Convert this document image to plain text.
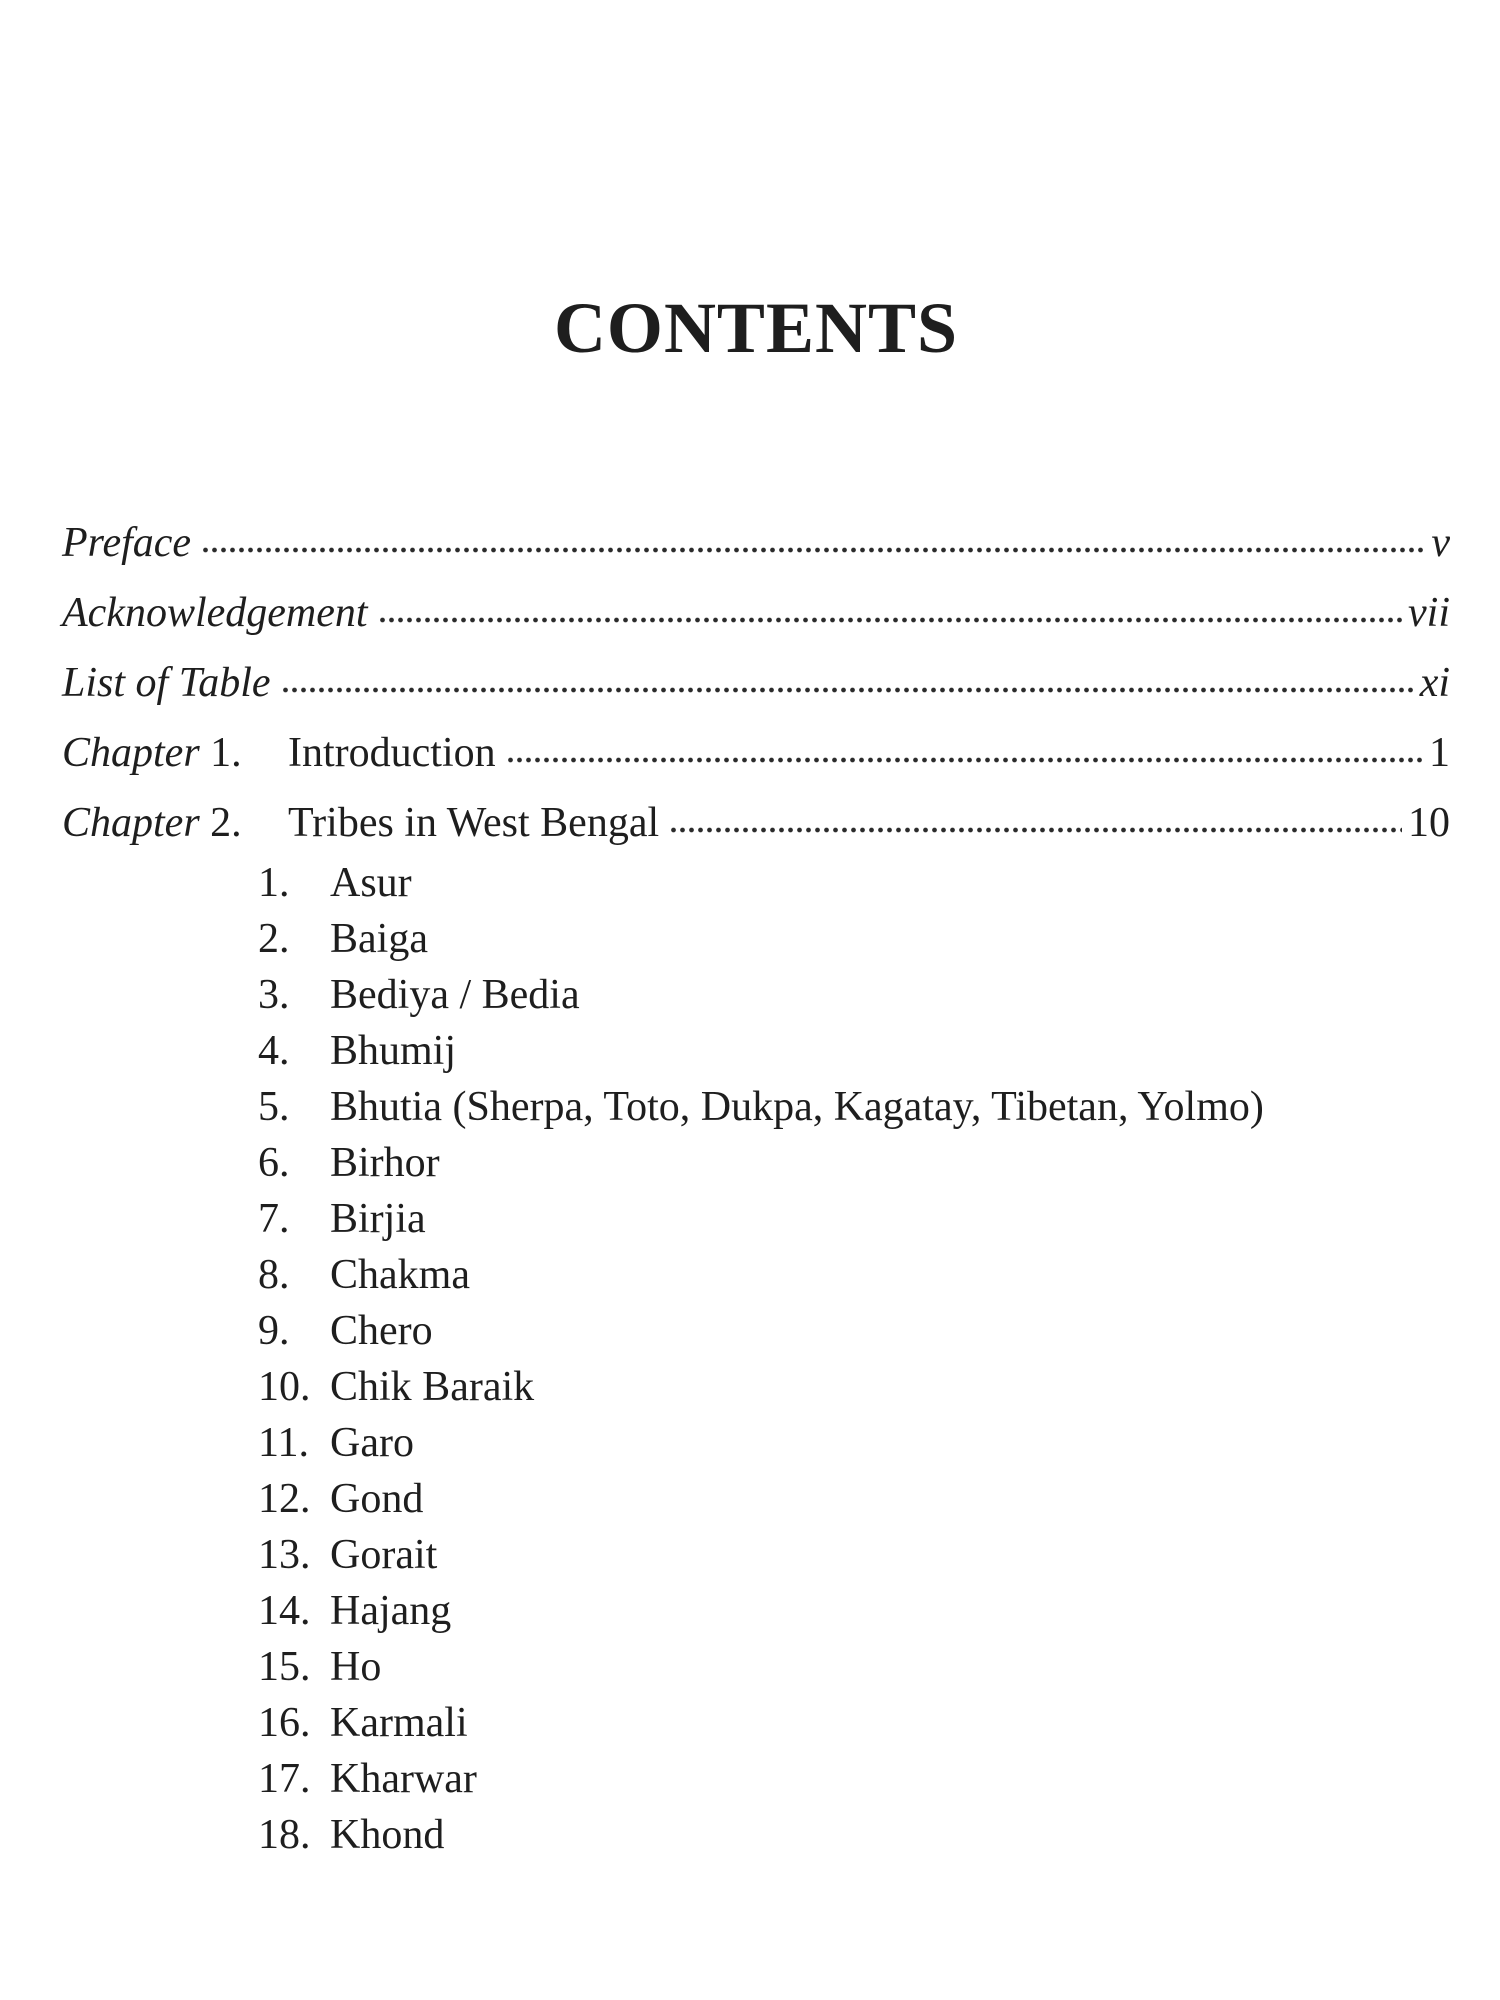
CONTENTS
Preface	v
Acknowledgement	vii
List of Table	xi
Chapter 1.	Introduction	1
Chapter 2.	Tribes in West Bengal	10
1. Asur
2. Baiga
3. Bediya / Bedia
4. Bhumij
5. Bhutia (Sherpa, Toto, Dukpa, Kagatay, Tibetan, Yolmo)
6. Birhor
7. Birjia
8. Chakma
9. Chero
10. Chik Baraik
11. Garo
12. Gond
13. Gorait
14. Hajang
15. Ho
16. Karmali
17. Kharwar
18. Khond
